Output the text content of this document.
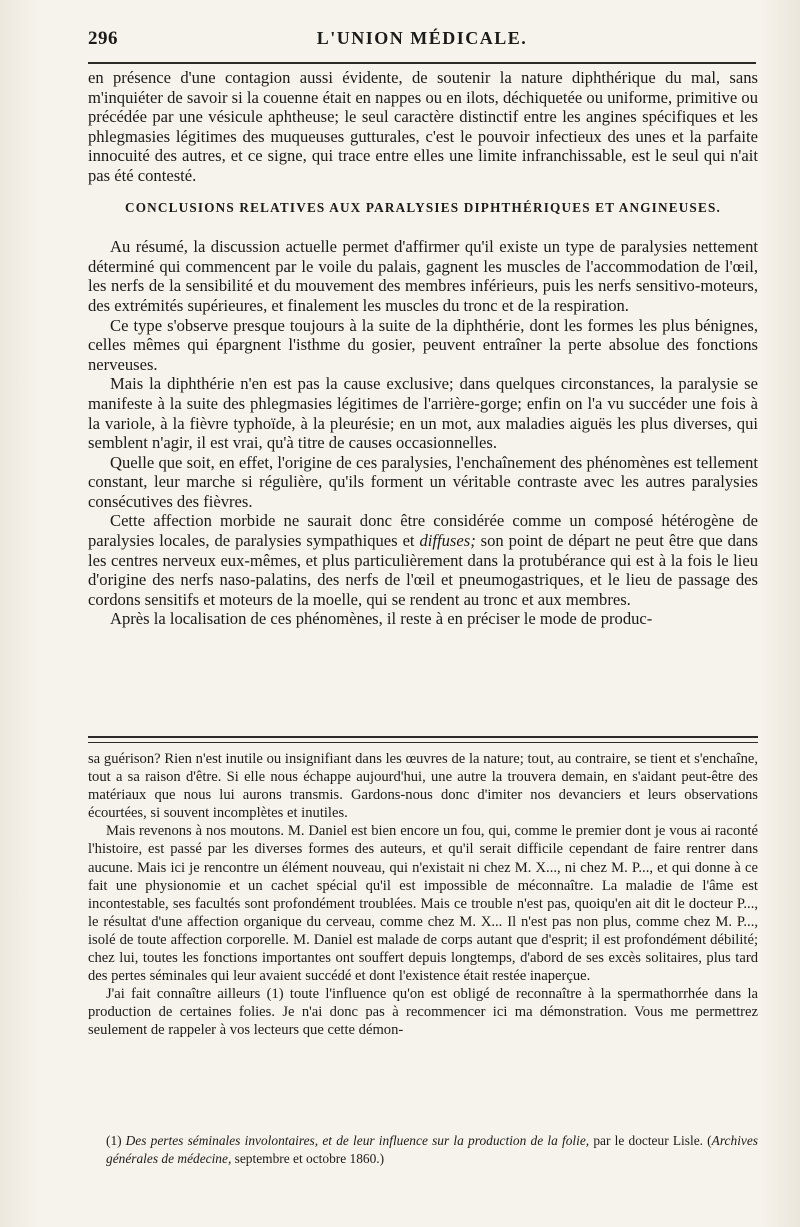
296	L'UNION MÉDICALE.

en présence d'une contagion aussi évidente, de soutenir la nature diphthérique du mal, sans m'inquiéter de savoir si la couenne était en nappes ou en ilots, déchiquetée ou uniforme, primitive ou précédée par une vésicule aphtheuse; le seul caractère distinctif entre les angines spécifiques et les phlegmasies légitimes des muqueuses gutturales, c'est le pouvoir infectieux des unes et la parfaite innocuité des autres, et ce signe, qui trace entre elles une limite infranchissable, est le seul qui n'ait pas été contesté.

CONCLUSIONS RELATIVES AUX PARALYSIES DIPHTHÉRIQUES ET ANGINEUSES.

Au résumé, la discussion actuelle permet d'affirmer qu'il existe un type de paralysies nettement déterminé qui commencent par le voile du palais, gagnent les muscles de l'accommodation de l'œil, les nerfs de la sensibilité et du mouvement des membres inférieurs, puis les nerfs sensitivo-moteurs, des extrémités supérieures, et finalement les muscles du tronc et de la respiration.

Ce type s'observe presque toujours à la suite de la diphthérie, dont les formes les plus bénignes, celles mêmes qui épargnent l'isthme du gosier, peuvent entraîner la perte absolue des fonctions nerveuses.

Mais la diphthérie n'en est pas la cause exclusive; dans quelques circonstances, la paralysie se manifeste à la suite des phlegmasies légitimes de l'arrière-gorge; enfin on l'a vu succéder une fois à la variole, à la fièvre typhoïde, à la pleurésie; en un mot, aux maladies aiguës les plus diverses, qui semblent n'agir, il est vrai, qu'à titre de causes occasionnelles.

Quelle que soit, en effet, l'origine de ces paralysies, l'enchaînement des phénomènes est tellement constant, leur marche si régulière, qu'ils forment un véritable contraste avec les autres paralysies consécutives des fièvres.

Cette affection morbide ne saurait donc être considérée comme un composé hétérogène de paralysies locales, de paralysies sympathiques et diffuses; son point de départ ne peut être que dans les centres nerveux eux-mêmes, et plus particulièrement dans la protubérance qui est à la fois le lieu d'origine des nerfs naso-palatins, des nerfs de l'œil et pneumogastriques, et le lieu de passage des cordons sensitifs et moteurs de la moelle, qui se rendent au tronc et aux membres.

Après la localisation de ces phénomènes, il reste à en préciser le mode de produc-

sa guérison? Rien n'est inutile ou insignifiant dans les œuvres de la nature; tout, au contraire, se tient et s'enchaîne, tout a sa raison d'être. Si elle nous échappe aujourd'hui, une autre la trouvera demain, en s'aidant peut-être des matériaux que nous lui aurons transmis. Gardons-nous donc d'imiter nos devanciers et leurs observations écourtées, si souvent incomplètes et inutiles.

Mais revenons à nos moutons. M. Daniel est bien encore un fou, qui, comme le premier dont je vous ai raconté l'histoire, est passé par les diverses formes des auteurs, et qu'il serait difficile cependant de faire rentrer dans aucune. Mais ici je rencontre un élément nouveau, qui n'existait ni chez M. X..., ni chez M. P..., et qui donne à ce fait une physionomie et un cachet spécial qu'il est impossible de méconnaître. La maladie de l'âme est incontestable, ses facultés sont profondément troublées. Mais ce trouble n'est pas, quoiqu'en ait dit le docteur P..., le résultat d'une affection organique du cerveau, comme chez M. X... Il n'est pas non plus, comme chez M. P..., isolé de toute affection corporelle. M. Daniel est malade de corps autant que d'esprit; il est profondément débilité; chez lui, toutes les fonctions importantes ont souffert depuis longtemps, d'abord de ses excès solitaires, plus tard des pertes séminales qui leur avaient succédé et dont l'existence était restée inaperçue.

J'ai fait connaître ailleurs (1) toute l'influence qu'on est obligé de reconnaître à la spermathorrhée dans la production de certaines folies. Je n'ai donc pas à recommencer ici ma démonstration. Vous me permettrez seulement de rappeler à vos lecteurs que cette démon-

(1) Des pertes séminales involontaires, et de leur influence sur la production de la folie, par le docteur Lisle. (Archives générales de médecine, septembre et octobre 1860.)
